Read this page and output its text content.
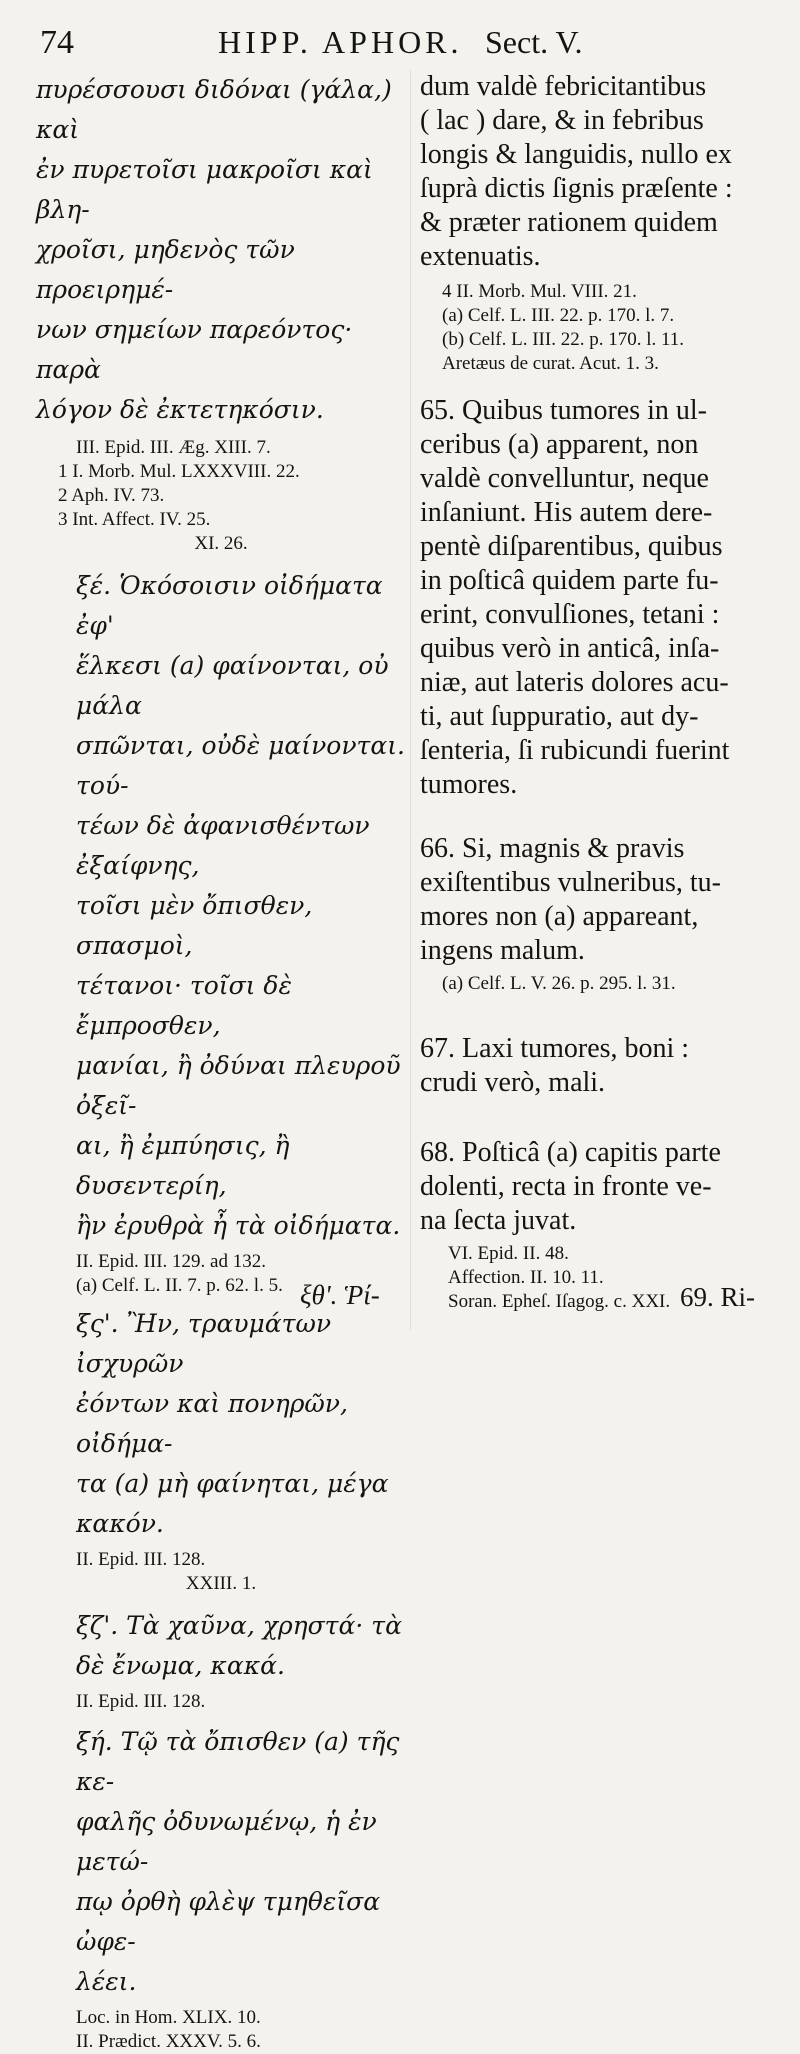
74	HIPP. APHOR. Sect. V.

πυρέσσουσι διδόναι (γάλα,) καὶ
ἐν πυρετοῖσι μακροῖσι καὶ βλη-
χροῖσι, μηδενὸς τῶν προειρημέ-
νων σημείων παρεόντος· παρὰ
λόγον δὲ ἐκτετηκόσιν.

III. Epid. III. Æg. XIII. 7.
1 I. Morb. Mul. LXXXVIII. 22.
2 Aph. IV. 73.
3 Int. Affect. IV. 25.
XI. 26.

ξέ. Ὁκόσοισιν οἰδήματα ἐφ'
ἕλκεσι (a) φαίνονται, οὐ μάλα
σπῶνται, οὐδὲ μαίνονται. τού-
τέων δὲ ἀφανισθέντων ἐξαίφνης,
τοῖσι μὲν ὄπισθεν, σπασμοὶ,
τέτανοι· τοῖσι δὲ ἔμπροσθεν,
μανίαι, ἢ ὀδύναι πλευροῦ ὀξεῖ-
αι, ἢ ἐμπύησις, ἢ δυσεντερίη,
ἢν ἐρυθρὰ ἦ τὰ οἰδήματα.

II. Epid. III. 129. ad 132.
(a) Celf. L. II. 7. p. 62. l. 5.

ξς'. Ἢν, τραυμάτων ἰσχυρῶν
ἐόντων καὶ πονηρῶν, οἰδήμα-
τα (a) μὴ φαίνηται, μέγα
κακόν.

II. Epid. III. 128.
XXIII. 1.

ξζ'. Τὰ χαῦνα, χρηστά· τὰ
δὲ ἔνωμα, κακά.

II. Epid. III. 128.

ξή. Τῷ τὰ ὄπισθεν (a) τῆς κε-
φαλῆς ὀδυνωμένῳ, ἡ ἐν μετώ-
πῳ ὀρθὴ φλὲψ τμηθεῖσα ὠφε-
λέει.

Loc. in Hom. XLIX. 10.
II. Prædict. XXXV. 5. 6.
ξθ'. Ῥί-

dum valdè febricitantibus
( lac ) dare, & in febribus
longis & languidis, nullo ex
ſuprà dictis ſignis præſente :
& præter rationem quidem
extenuatis.

4 II. Morb. Mul. VIII. 21.
(a) Celf. L. III. 22. p. 170. l. 7.
(b) Celf. L. III. 22. p. 170. l. 11.
Aretæus de curat. Acut. 1. 3.

65. Quibus tumores in ul-
ceribus (a) apparent, non
valdè convelluntur, neque
inſaniunt. His autem dere-
pentè diſparentibus, quibus
in poſticâ quidem parte fu-
erint, convulſiones, tetani :
quibus verò in anticâ, inſa-
niæ, aut lateris dolores acu-
ti, aut ſuppuratio, aut dy-
ſenteria, ſi rubicundi fuerint
tumores.

66. Si, magnis & pravis
exiſtentibus vulneribus, tu-
mores non (a) appareant,
ingens malum.

(a) Celf. L. V. 26. p. 295. l. 31.

67. Laxi tumores, boni :
crudi verò, mali.

68. Poſticâ (a) capitis parte
dolenti, recta in fronte ve-
na ſecta juvat.

VI. Epid. II. 48.
Affection. II. 10. 11.
Soran. Epheſ. Iſagog. c. XXI. 69. Ri-
